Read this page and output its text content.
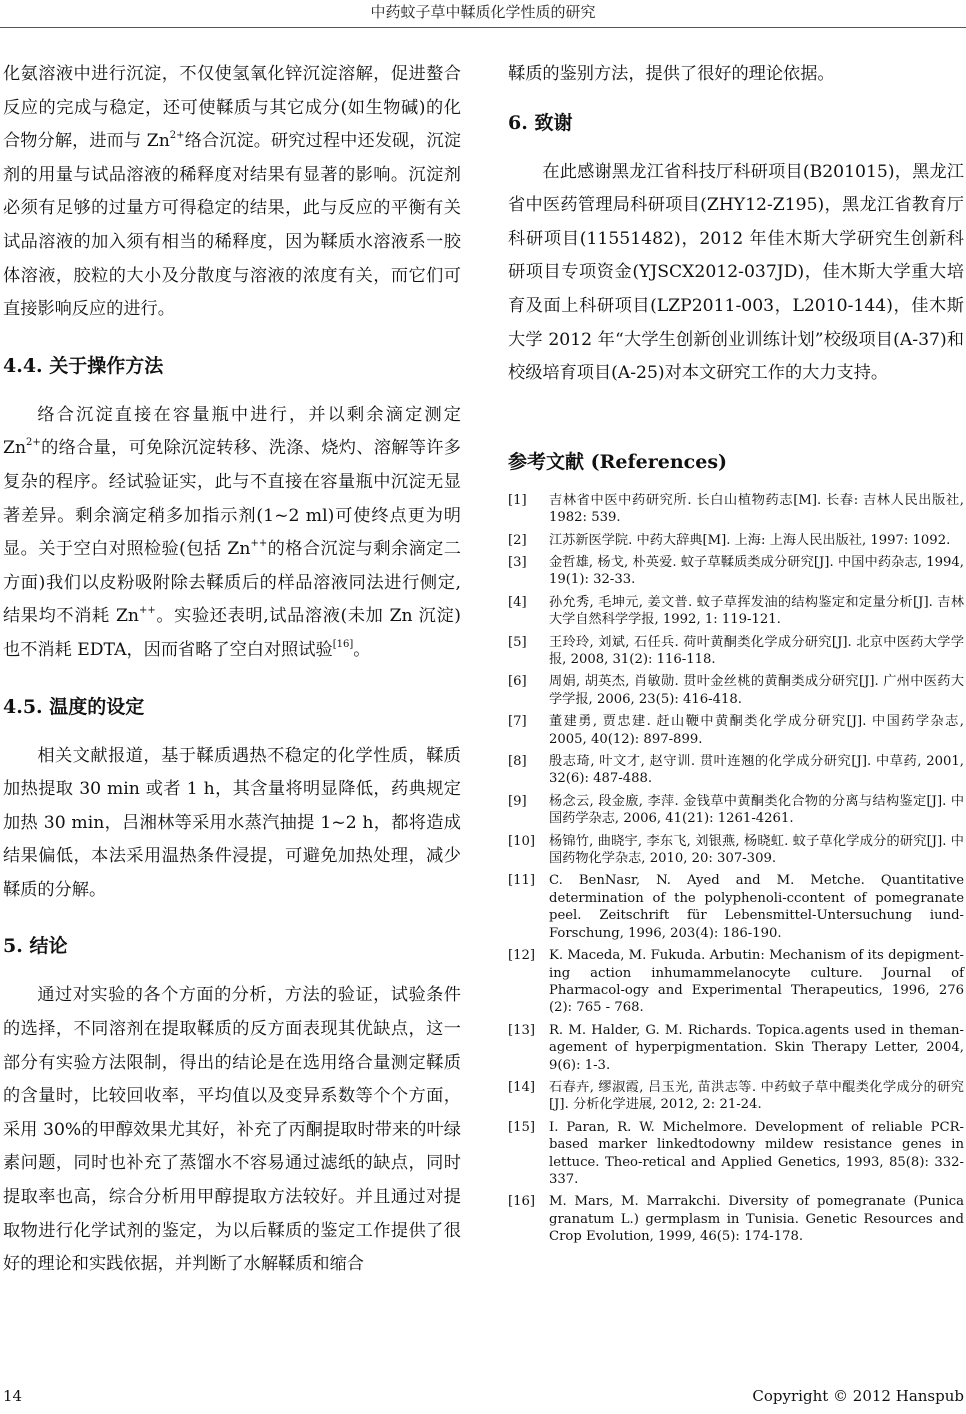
中药蚊子草中鞣质化学性质的研究

化氨溶液中进行沉淀，不仅使氢氧化锌沉淀溶解，促进螯合反应的完成与稳定，还可使鞣质与其它成分(如生物碱)的化合物分解，进而与 $Zn^{2+}$络合沉淀。研究过程中还发砚，沉淀剂的用量与试品溶液的稀释度对结果有显著的影响。沉淀剂必须有足够的过量方可得稳定的结果，此与反应的平衡有关试品溶液的加入须有相当的稀释度，因为鞣质水溶液系一胶体溶液，胶粒的大小及分散度与溶液的浓度有关，而它们可直接影响反应的进行。

4.4. 关于操作方法

络合沉淀直接在容量瓶中进行，并以剩余滴定测定 $Zn^{2+}$的络合量，可免除沉淀转移、洗涤、烧灼、溶解等许多复杂的程序。经试验证实，此与不直接在容量瓶中沉淀无显著差异。剩余滴定稍多加指示剂(1~2 ml)可使终点更为明显。关于空白对照检验(包括 Zn++的格合沉淀与剩余滴定二方面)我们以皮粉吸附除去鞣质后的样品溶液同法进行侧定,结果均不消耗 Zn++。实验还表明,试品溶液(未加 Zn 沉淀)也不消耗 EDTA，因而省略了空白对照试验[16]。

4.5. 温度的设定

相关文献报道，基于鞣质遇热不稳定的化学性质，鞣质加热提取 30 min 或者 1 h，其含量将明显降低，药典规定加热 30 min，吕湘林等采用水蒸汽抽提 1~2 h，都将造成结果偏低，本法采用温热条件浸提，可避免加热处理，减少鞣质的分解。

5. 结论

通过对实验的各个方面的分析，方法的验证，试验条件的选择，不同溶剂在提取鞣质的反方面表现其优缺点，这一部分有实验方法限制，得出的结论是在选用络合量测定鞣质的含量时，比较回收率，平均值以及变异系数等个个方面，采用 30%的甲醇效果尤其好，补充了丙酮提取时带来的叶绿素问题，同时也补充了蒸馏水不容易通过滤纸的缺点，同时提取率也高，综合分析用甲醇提取方法较好。并且通过对提取物进行化学试剂的鉴定，为以后鞣质的鉴定工作提供了很好的理论和实践依据，并判断了水解鞣质和缩合

鞣质的鉴别方法，提供了很好的理论依据。

6. 致谢

在此感谢黑龙江省科技厅科研项目(B201015)，黑龙江省中医药管理局科研项目(ZHY12-Z195)，黑龙江省教育厅科研项目(11551482)，2012 年佳木斯大学研究生创新科研项目专项资金(YJSCX2012-037JD)，佳木斯大学重大培育及面上科研项目(LZP2011-003，L2010-144)，佳木斯大学 2012 年“大学生创新创业训练计划”校级项目(A-37)和校级培育项目(A-25)对本文研究工作的大力支持。

参考文献 (References)
[1] 吉林省中医中药研究所. 长白山植物药志[M]. 长春: 吉林人民出版社, 1982: 539.
[2] 江苏新医学院. 中药大辞典[M]. 上海: 上海人民出版社, 1997: 1092.
[3] 金哲雄, 杨戈, 朴英爱. 蚊子草鞣质类成分研究[J]. 中国中药杂志, 1994, 19(1): 32-33.
[4] 孙允秀, 毛坤元, 姜文普. 蚊子草挥发油的结构鉴定和定量分析[J]. 吉林大学自然科学学报, 1992, 1: 119-121.
[5] 王玲玲, 刘斌, 石任兵. 荷叶黄酮类化学成分研究[J]. 北京中医药大学学报, 2008, 31(2): 116-118.
[6] 周娟, 胡英杰, 肖敏勋. 贯叶金丝桃的黄酮类成分研究[J]. 广州中医药大学学报, 2006, 23(5): 416-418.
[7] 董建勇, 贾忠建. 赶山鞭中黄酮类化学成分研究[J]. 中国药学杂志, 2005, 40(12): 897-899.
[8] 殷志琦, 叶文才, 赵守训. 贯叶连翘的化学成分研究[J]. 中草药, 2001, 32(6): 487-488.
[9] 杨念云, 段金廒, 李萍. 金钱草中黄酮类化合物的分离与结构鉴定[J]. 中国药学杂志, 2006, 41(21): 1261-4261.
[10] 杨锦竹, 曲晓宇, 李东飞, 刘银燕, 杨晓虹. 蚊子草化学成分的研究[J]. 中国药物化学杂志, 2010, 20: 307-309.
[11] C. BenNasr, N. Ayed and M. Metche. Quantitative determination of the polyphenoli-ccontent of pomegranate peel. Zeitschrift für Lebensmittel-Untersuchung iund-Forschung, 1996, 203(4): 186-190.
[12] K. Maceda, M. Fukuda. Arbutin: Mechanism of its depigment-ing action inhumammelanocyte culture. Journal of Pharmacol-ogy and Experimental Therapeutics, 1996, 276 (2): 765 - 768.
[13] R. M. Halder, G. M. Richards. Topica.agents used in theman-agement of hyperpigmentation. Skin Therapy Letter, 2004, 9(6): 1-3.
[14] 石春卉, 缪淑霞, 吕玉光, 苗洪志等. 中药蚊子草中醌类化学成分的研究[J]. 分析化学进展, 2012, 2: 21-24.
[15] I. Paran, R. W. Michelmore. Development of reliable PCR-based marker linkedtodowny mildew resistance genes in lettuce. Theo-retical and Applied Genetics, 1993, 85(8): 332-337.
[16] M. Mars, M. Marrakchi. Diversity of pomegranate (Punica granatum L.) germplasm in Tunisia. Genetic Resources and Crop Evolution, 1999, 46(5): 174-178.
14	Copyright © 2012 Hanspub
